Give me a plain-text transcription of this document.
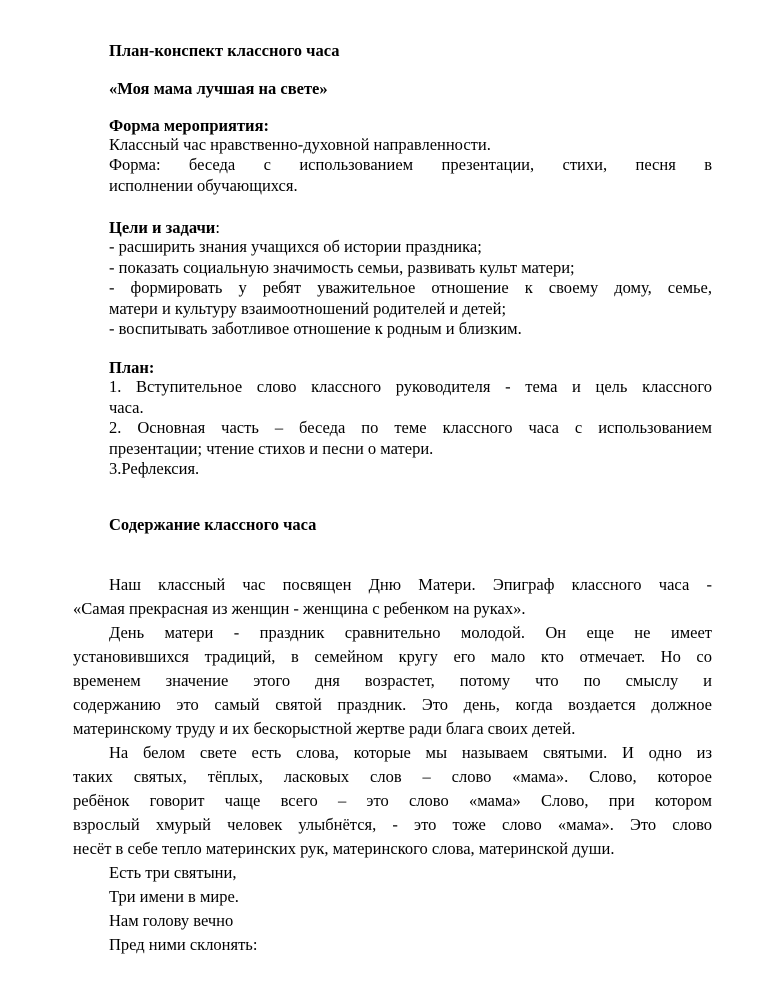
План-конспект классного часа
«Моя мама лучшая на свете»
Форма мероприятия:
Классный час нравственно-духовной направленности.
Форма: беседа с использованием презентации, стихи, песня в
исполнении обучающихся.
Цели и задачи:
- расширить знания учащихся об истории праздника;
- показать социальную значимость семьи, развивать культ матери;
- формировать у ребят уважительное отношение к своему дому, семье,
матери и культуру взаимоотношений родителей и детей;
- воспитывать заботливое отношение к родным и близким.
План:
1. Вступительное слово классного руководителя - тема и цель классного
часа.
2. Основная часть – беседа по теме классного часа с использованием
презентации; чтение стихов и песни о матери.
3.Рефлексия.
Содержание классного часа
Наш классный час посвящен Дню Матери. Эпиграф классного часа -
«Самая прекрасная из женщин - женщина с ребенком на руках».
День матери - праздник сравнительно молодой. Он еще не имеет
установившихся традиций, в семейном кругу его мало кто отмечает. Но со
временем значение этого дня возрастет, потому что по смыслу и
содержанию это самый святой праздник. Это день, когда воздается должное
материнскому труду и их бескорыстной жертве ради блага своих детей.
На белом свете есть слова, которые мы называем святыми. И одно из
таких святых, тёплых, ласковых слов – слово «мама». Слово, которое
ребёнок говорит чаще всего – это слово «мама» Слово, при котором
взрослый хмурый человек улыбнётся, - это тоже слово «мама». Это слово
несёт в себе тепло материнских рук, материнского слова, материнской души.
Есть три святыни,
Три имени в мире.
Нам голову вечно
Пред ними склонять:
